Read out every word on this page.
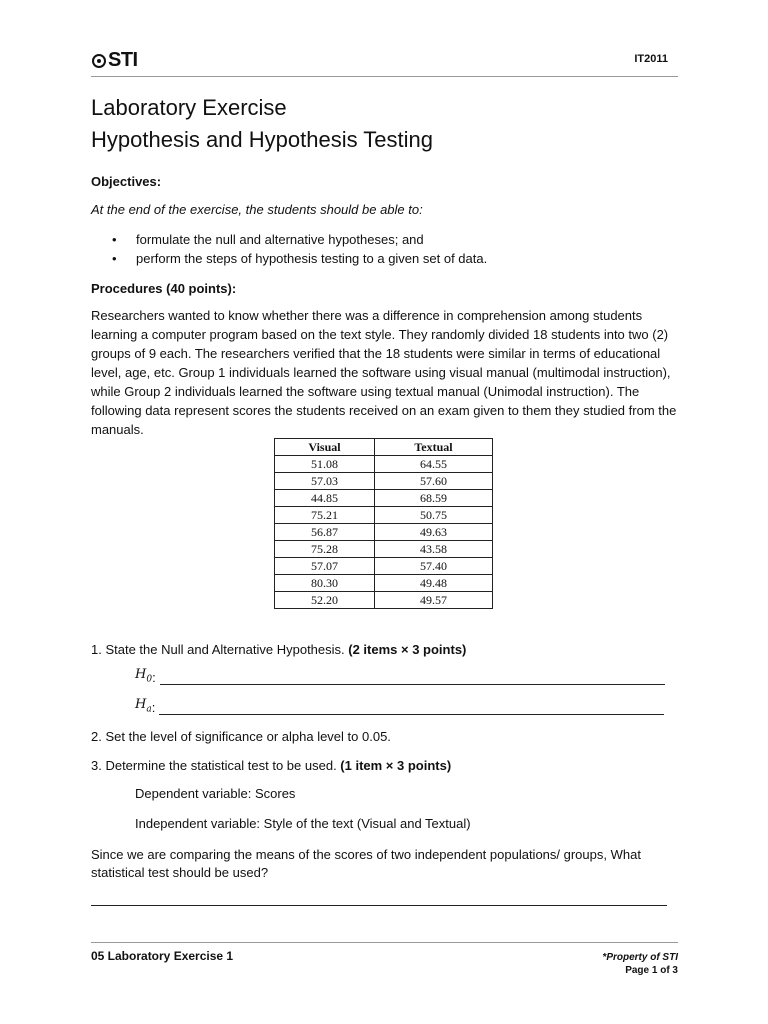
STI	IT2011
Laboratory Exercise
Hypothesis and Hypothesis Testing
Objectives:
At the end of the exercise, the students should be able to:
•	formulate the null and alternative hypotheses; and
•	perform the steps of hypothesis testing to a given set of data.
Procedures (40 points):
Researchers wanted to know whether there was a difference in comprehension among students
learning a computer program based on the text style. They randomly divided 18 students into two (2)
groups of 9 each. The researchers verified that the 18 students were similar in terms of educational
level, age, etc. Group 1 individuals learned the software using visual manual (multimodal instruction),
while Group 2 individuals learned the software using textual manual (Unimodal instruction). The
following data represent scores the students received on an exam given to them they studied from the
manuals.
Visual	Textual
51.08	64.55
57.03	57.60
44.85	68.59
75.21	50.75
56.87	49.63
75.28	43.58
57.07	57.40
80.30	49.48
52.20	49.57
1. State the Null and Alternative Hypothesis. (2 items × 3 points)
$H_0$ :
$H_a$ :
2. Set the level of significance or alpha level to 0.05.
3. Determine the statistical test to be used. (1 item × 3 points)
Dependent variable: Scores
Independent variable: Style of the text (Visual and Textual)
Since we are comparing the means of the scores of two independent populations/ groups, What
statistical test should be used?
05 Laboratory Exercise 1	*Property of STI
Page 1 of 3
